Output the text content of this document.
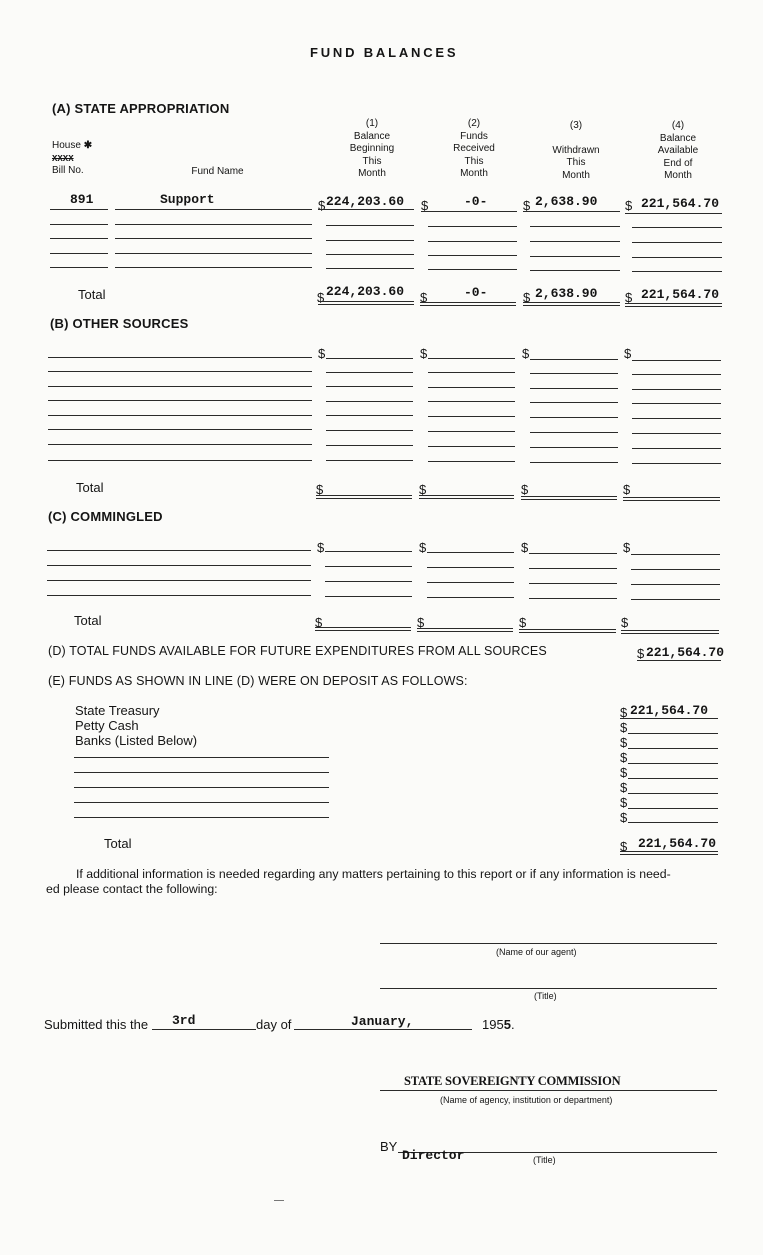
FUND BALANCES
(A) STATE APPROPRIATION
House ✱
XXXX
Bill No.	Fund Name
(1)
Balance
Beginning
This
Month
(2)
Funds
Received
This
Month
(3)
Withdrawn
This
Month
(4)
Balance
Available
End of
Month
891	Support	$ 224,203.60 $	-0-	$ 2,638.90 $ 221,564.70
Total	$ 224,203.60 $	-0-	$ 2,638.90 $ 221,564.70
(B) OTHER SOURCES
$	$	$	$
Total	$	$	$	$
(C) COMMINGLED
$	$	$	$
Total	$	$	$	$
(D) TOTAL FUNDS AVAILABLE FOR FUTURE EXPENDITURES FROM ALL SOURCES	$ 221,564.70
(E) FUNDS AS SHOWN IN LINE (D) WERE ON DEPOSIT AS FOLLOWS:
State Treasury
Petty Cash
Banks (Listed Below)
$ 221,564.70
$
$
$
$
$
$
$
Total	$ 221,564.70
If additional information is needed regarding any matters pertaining to this report or if any information is need-
ed please contact the following:
(Name of our agent)
(Title)
Submitted this the 3rd	day of	January,	1955.
STATE SOVEREIGNTY COMMISSION
(Name of agency, institution or department)
BY
Director	(Title)
